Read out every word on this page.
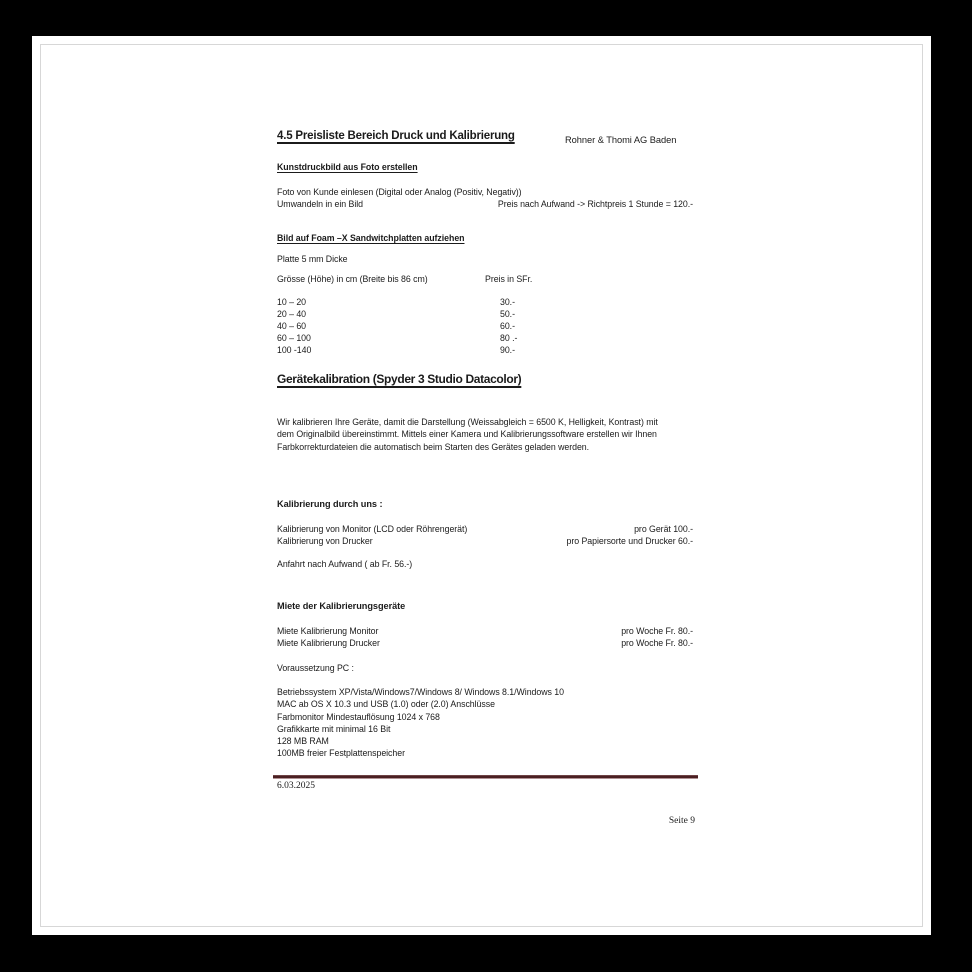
4.5 Preisliste Bereich Druck und Kalibrierung	Rohner & Thomi AG Baden
Kunstdruckbild aus Foto erstellen
Foto von Kunde einlesen (Digital oder Analog (Positiv, Negativ))
Umwandeln in ein Bild	Preis nach Aufwand -> Richtpreis 1 Stunde = 120.-
Bild auf Foam –X Sandwitchplatten aufziehen
Platte 5 mm Dicke
Grösse (Höhe) in cm (Breite bis 86 cm)	Preis in SFr.
10 – 20	30.-
20 – 40	50.-
40 – 60	60.-
60 – 100	80 .-
100 -140	90.-
Gerätekalibration (Spyder 3 Studio Datacolor)
Wir kalibrieren Ihre Geräte, damit die Darstellung (Weissabgleich = 6500 K, Helligkeit, Kontrast) mit
dem Originalbild übereinstimmt. Mittels einer Kamera und Kalibrierungssoftware erstellen wir Ihnen
Farbkorrekturdateien die automatisch beim Starten des Gerätes geladen werden.
Kalibrierung durch uns :
Kalibrierung von Monitor (LCD oder Röhrengerät)	pro Gerät 100.-
Kalibrierung von Drucker	pro Papiersorte und Drucker 60.-
Anfahrt nach Aufwand ( ab Fr. 56.-)
Miete der Kalibrierungsgeräte
Miete Kalibrierung Monitor	pro Woche Fr. 80.-
Miete Kalibrierung Drucker	pro Woche Fr. 80.-
Voraussetzung PC :
Betriebssystem XP/Vista/Windows7/Windows 8/ Windows 8.1/Windows 10
MAC ab OS X 10.3 und USB (1.0) oder (2.0) Anschlüsse
Farbmonitor Mindestauflösung 1024 x 768
Grafikkarte mit minimal 16 Bit
128 MB RAM
100MB freier Festplattenspeicher
6.03.2025
Seite 9
